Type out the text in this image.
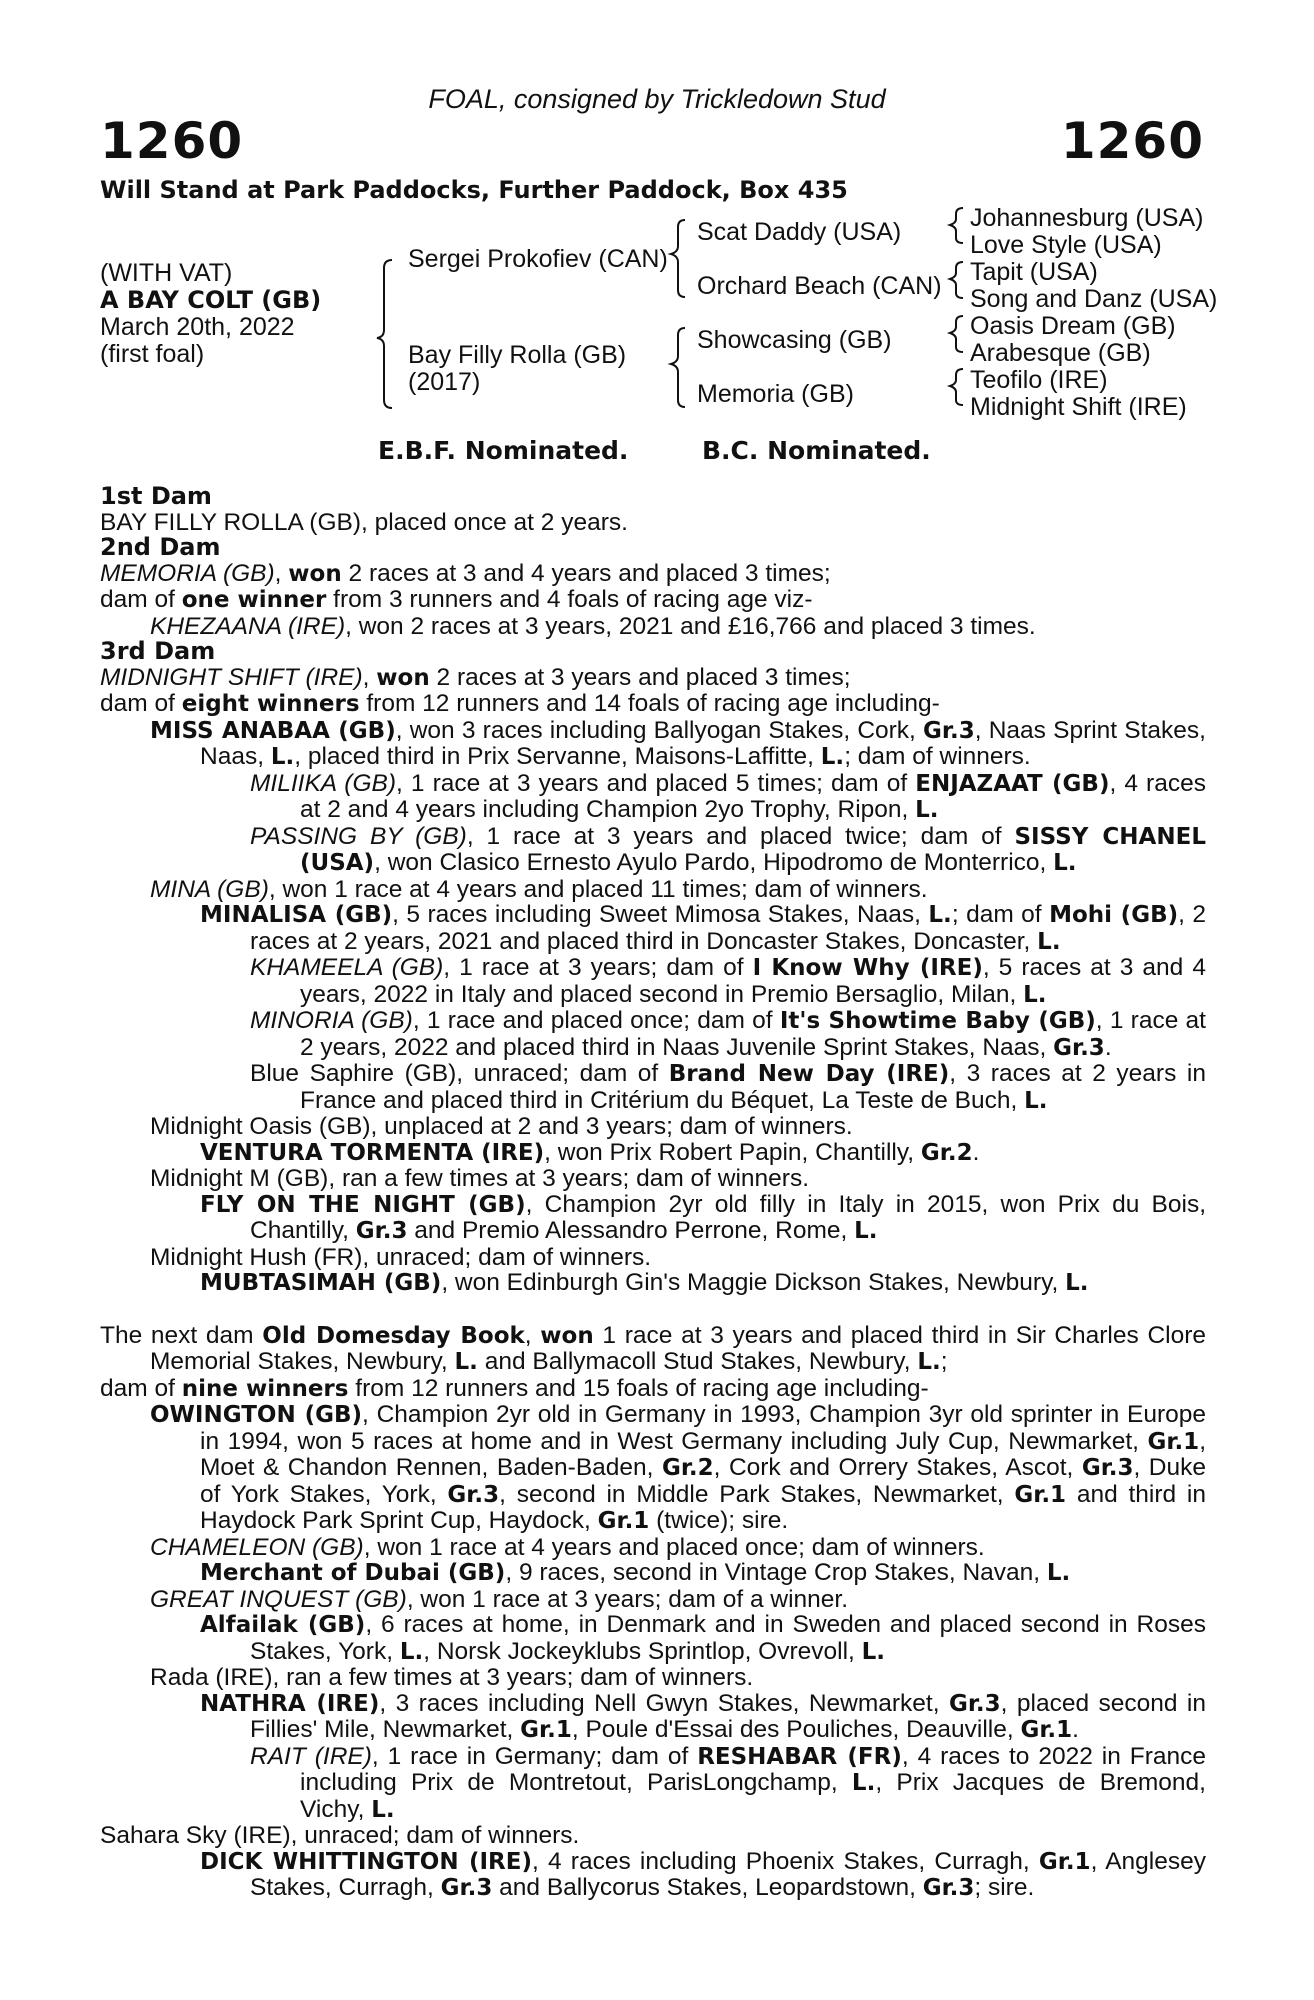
FOAL, consigned by Trickledown Stud
1260	1260
Will Stand at Park Paddocks, Further Paddock, Box 435
(WITH VAT)
A BAY COLT (GB)
March 20th, 2022
(first foal)
Sergei Prokofiev (CAN)
Bay Filly Rolla (GB)
(2017)
Scat Daddy (USA)
Orchard Beach (CAN)
Showcasing (GB)
Memoria (GB)
Johannesburg (USA)
Love Style (USA)
Tapit (USA)
Song and Danz (USA)
Oasis Dream (GB)
Arabesque (GB)
Teofilo (IRE)
Midnight Shift (IRE)
E.B.F. Nominated.	B.C. Nominated.

1st Dam

BAY FILLY ROLLA (GB), placed once at 2 years.

2nd Dam

MEMORIA (GB), won 2 races at 3 and 4 years and placed 3 times;

dam of one winner from 3 runners and 4 foals of racing age viz-

KHEZAANA (IRE), won 2 races at 3 years, 2021 and £16,766 and placed 3 times.

3rd Dam

MIDNIGHT SHIFT (IRE), won 2 races at 3 years and placed 3 times;

dam of eight winners from 12 runners and 14 foals of racing age including-

MISS ANABAA (GB), won 3 races including Ballyogan Stakes, Cork, Gr.3, Naas Sprint Stakes, Naas, L., placed third in Prix Servanne, Maisons-Laffitte, L.; dam of winners.

MILIIKA (GB), 1 race at 3 years and placed 5 times; dam of ENJAZAAT (GB), 4 races at 2 and 4 years including Champion 2yo Trophy, Ripon, L.

PASSING BY (GB), 1 race at 3 years and placed twice; dam of SISSY CHANEL (USA), won Clasico Ernesto Ayulo Pardo, Hipodromo de Monterrico, L.

MINA (GB), won 1 race at 4 years and placed 11 times; dam of winners.

MINALISA (GB), 5 races including Sweet Mimosa Stakes, Naas, L.; dam of Mohi (GB), 2 races at 2 years, 2021 and placed third in Doncaster Stakes, Doncaster, L.

KHAMEELA (GB), 1 race at 3 years; dam of I Know Why (IRE), 5 races at 3 and 4 years, 2022 in Italy and placed second in Premio Bersaglio, Milan, L.

MINORIA (GB), 1 race and placed once; dam of It's Showtime Baby (GB), 1 race at 2 years, 2022 and placed third in Naas Juvenile Sprint Stakes, Naas, Gr.3.

Blue Saphire (GB), unraced; dam of Brand New Day (IRE), 3 races at 2 years in France and placed third in Critérium du Béquet, La Teste de Buch, L.

Midnight Oasis (GB), unplaced at 2 and 3 years; dam of winners.

VENTURA TORMENTA (IRE), won Prix Robert Papin, Chantilly, Gr.2.

Midnight M (GB), ran a few times at 3 years; dam of winners.

FLY ON THE NIGHT (GB), Champion 2yr old filly in Italy in 2015, won Prix du Bois, Chantilly, Gr.3 and Premio Alessandro Perrone, Rome, L.

Midnight Hush (FR), unraced; dam of winners.

MUBTASIMAH (GB), won Edinburgh Gin's Maggie Dickson Stakes, Newbury, L.

The next dam Old Domesday Book, won 1 race at 3 years and placed third in Sir Charles Clore Memorial Stakes, Newbury, L. and Ballymacoll Stud Stakes, Newbury, L.;

dam of nine winners from 12 runners and 15 foals of racing age including-

OWINGTON (GB), Champion 2yr old in Germany in 1993, Champion 3yr old sprinter in Europe in 1994, won 5 races at home and in West Germany including July Cup, Newmarket, Gr.1, Moet & Chandon Rennen, Baden-Baden, Gr.2, Cork and Orrery Stakes, Ascot, Gr.3, Duke of York Stakes, York, Gr.3, second in Middle Park Stakes, Newmarket, Gr.1 and third in Haydock Park Sprint Cup, Haydock, Gr.1 (twice); sire.

CHAMELEON (GB), won 1 race at 4 years and placed once; dam of winners.

Merchant of Dubai (GB), 9 races, second in Vintage Crop Stakes, Navan, L.

GREAT INQUEST (GB), won 1 race at 3 years; dam of a winner.

Alfailak (GB), 6 races at home, in Denmark and in Sweden and placed second in Roses Stakes, York, L., Norsk Jockeyklubs Sprintlop, Ovrevoll, L.

Rada (IRE), ran a few times at 3 years; dam of winners.

NATHRA (IRE), 3 races including Nell Gwyn Stakes, Newmarket, Gr.3, placed second in Fillies' Mile, Newmarket, Gr.1, Poule d'Essai des Pouliches, Deauville, Gr.1.

RAIT (IRE), 1 race in Germany; dam of RESHABAR (FR), 4 races to 2022 in France including Prix de Montretout, ParisLongchamp, L., Prix Jacques de Bremond, Vichy, L.

Sahara Sky (IRE), unraced; dam of winners.

DICK WHITTINGTON (IRE), 4 races including Phoenix Stakes, Curragh, Gr.1, Anglesey Stakes, Curragh, Gr.3 and Ballycorus Stakes, Leopardstown, Gr.3; sire.
